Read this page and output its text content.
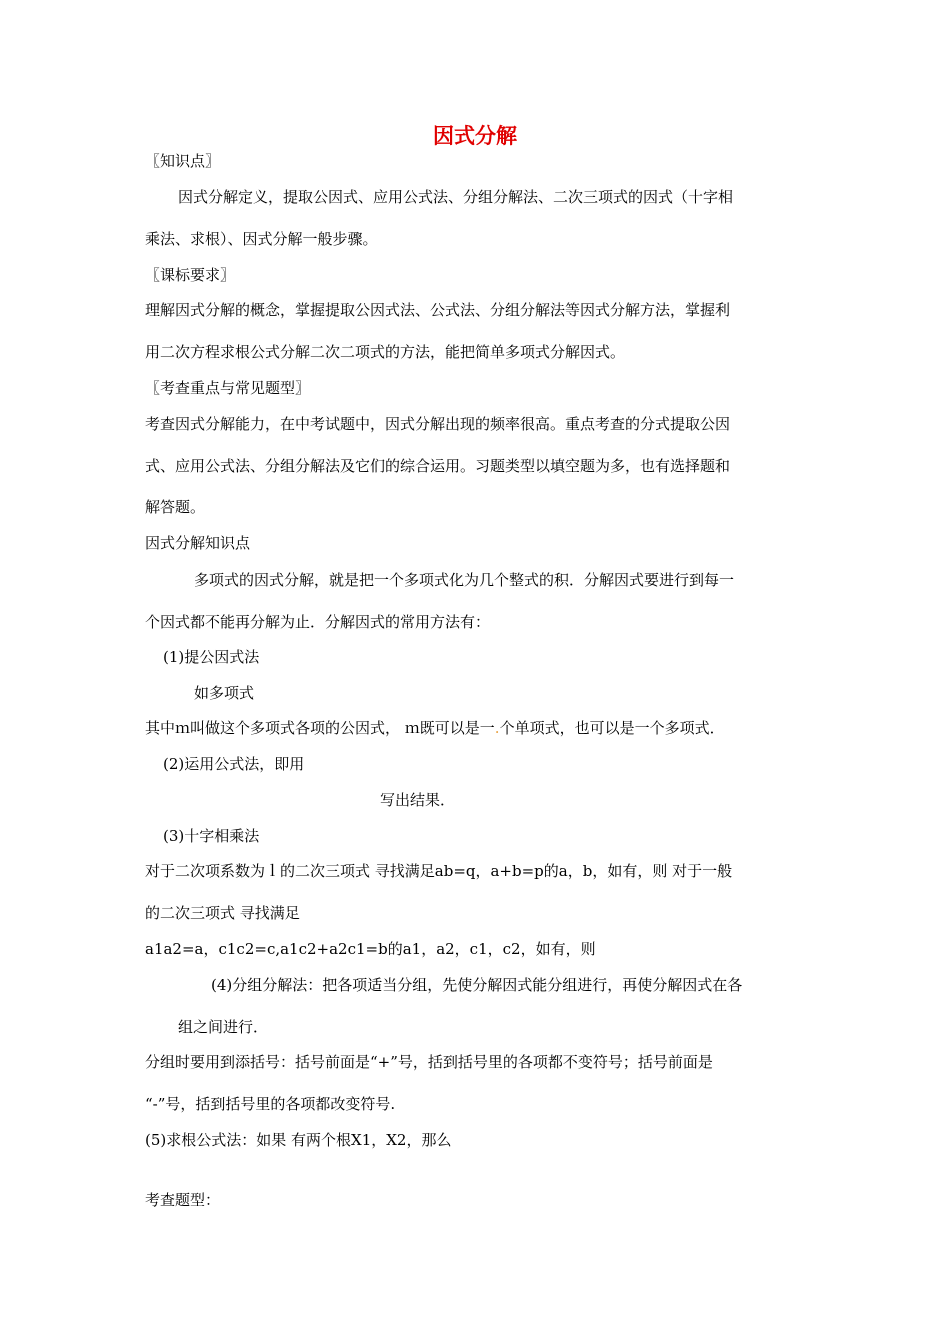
因式分解
〖知识点〗
因式分解定义，提取公因式、应用公式法、分组分解法、二次三项式的因式（十字相
乘法、求根）、因式分解一般步骤。
〖课标要求〗
理解因式分解的概念，掌握提取公因式法、公式法、分组分解法等因式分解方法，掌握利
用二次方程求根公式分解二次二项式的方法，能把简单多项式分解因式。
〖考查重点与常见题型〗
考查因式分解能力，在中考试题中，因式分解出现的频率很高。重点考查的分式提取公因
式、应用公式法、分组分解法及它们的综合运用。习题类型以填空题为多，也有选择题和
解答题。
因式分解知识点
多项式的因式分解，就是把一个多项式化为几个整式的积．分解因式要进行到每一
个因式都不能再分解为止．分解因式的常用方法有：
(1)提公因式法
如多项式
其中ｍ叫做这个多项式各项的公因式， ｍ既可以是一.个单项式，也可以是一个多项式．
(2)运用公式法，即用
写出结果．
(3)十字相乘法
对于二次项系数为ｌ的二次三项式 寻找满足ab=q，a+b=p的a，b，如有，则 对于一般
的二次三项式 寻找满足
a1a2=a，c1c2=c,a1c2+a2c1=b的a1，a2，c1，c2，如有，则
(4)分组分解法：把各项适当分组，先使分解因式能分组进行，再使分解因式在各
组之间进行．
分组时要用到添括号：括号前面是“+”号，括到括号里的各项都不变符号；括号前面是
“-”号，括到括号里的各项都改变符号.
(5)求根公式法：如果 有两个根X1，X2，那么
考查题型：
